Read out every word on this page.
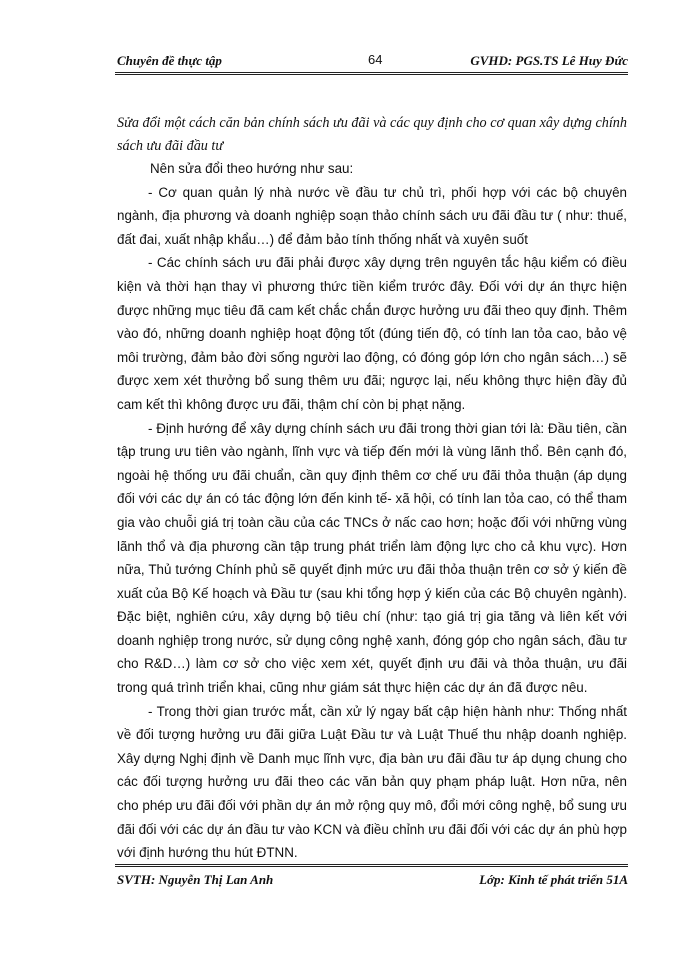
Chuyên đề thực tập	64	GVHD: PGS.TS Lê Huy Đức

Sửa đổi một cách căn bản chính sách ưu đãi và các quy định cho cơ quan xây dựng chính sách ưu đãi đầu tư

Nên sửa đổi theo hướng như sau:

- Cơ quan quản lý nhà nước về đầu tư chủ trì, phối hợp với các bộ chuyên ngành, địa phương và doanh nghiệp soạn thảo chính sách ưu đãi đầu tư ( như: thuế, đất đai, xuất nhập khẩu…) để đảm bảo tính thống nhất và xuyên suốt

- Các chính sách ưu đãi phải được xây dựng trên nguyên tắc hậu kiểm có điều kiện và thời hạn thay vì phương thức tiền kiểm trước đây. Đối với dự án thực hiện được những mục tiêu đã cam kết chắc chắn được hưởng ưu đãi theo quy định. Thêm vào đó, những doanh nghiệp hoạt động tốt (đúng tiến độ, có tính lan tỏa cao, bảo vệ môi trường, đảm bảo đời sống người lao động, có đóng góp lớn cho ngân sách…) sẽ được xem xét thưởng bổ sung thêm ưu đãi; ngược lại, nếu không thực hiện đầy đủ cam kết thì không được ưu đãi, thậm chí còn bị phạt nặng.

- Định hướng để xây dựng chính sách ưu đãi trong thời gian tới là: Đầu tiên, cần tập trung ưu tiên vào ngành, lĩnh vực và tiếp đến mới là vùng lãnh thổ. Bên cạnh đó, ngoài hệ thống ưu đãi chuẩn, cần quy định thêm cơ chế ưu đãi thỏa thuận (áp dụng đối với các dự án có tác động lớn đến kinh tế- xã hội, có tính lan tỏa cao, có thể tham gia vào chuỗi giá trị toàn cầu của các TNCs ở nấc cao hơn; hoặc đối với những vùng lãnh thổ và địa phương cần tập trung phát triển làm động lực cho cả khu vực). Hơn nữa, Thủ tướng Chính phủ sẽ quyết định mức ưu đãi thỏa thuận trên cơ sở ý kiến đề xuất của Bộ Kế hoạch và Đầu tư (sau khi tổng hợp ý kiến của các Bộ chuyên ngành). Đặc biệt, nghiên cứu, xây dựng bộ tiêu chí (như: tạo giá trị gia tăng và liên kết với doanh nghiệp trong nước, sử dụng công nghệ xanh, đóng góp cho ngân sách, đầu tư cho R&D…) làm cơ sở cho việc xem xét, quyết định ưu đãi và thỏa thuận, ưu đãi trong quá trình triển khai, cũng như giám sát thực hiện các dự án đã được nêu.

- Trong thời gian trước mắt, cần xử lý ngay bất cập hiện hành như: Thống nhất về đối tượng hưởng ưu đãi giữa Luật Đầu tư và Luật Thuế thu nhập doanh nghiệp. Xây dựng Nghị định về Danh mục lĩnh vực, địa bàn ưu đãi đầu tư áp dụng chung cho các đối tượng hưởng ưu đãi theo các văn bản quy phạm pháp luật. Hơn nữa, nên cho phép ưu đãi đối với phần dự án mở rộng quy mô, đổi mới công nghệ, bổ sung ưu đãi đối với các dự án đầu tư vào KCN và điều chỉnh ưu đãi đối với các dự án phù hợp với định hướng thu hút ĐTNN.

SVTH: Nguyễn Thị Lan Anh	Lớp: Kinh tế phát triển 51A
